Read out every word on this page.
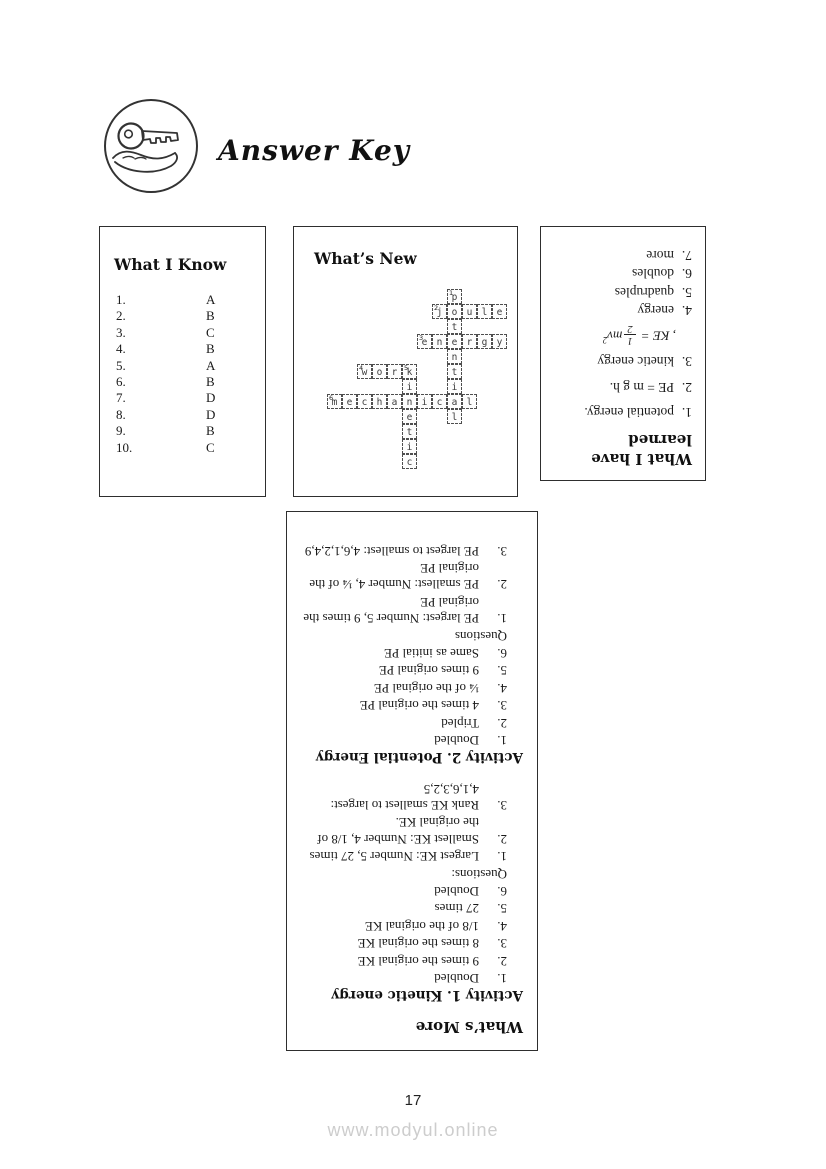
Answer Key
What I Know
1.	A
2.	B
3.	C
4.	B
5.	A
6.	B
7.	D
8.	D
9.	B
10.	C
What’s New
1
p
o
t
e
n
t
i
a
l
2
j	u l e
3
e n	r g y
4
w o r	5
k
i
n
e
t
i
c
6
m e c h a	i c	l
What I have
learned
1.potential energy.
2.PE = m g h.
3.kinetic energy
, KE =
1
2
$mv^2$
4.energy
5.quadruples
6.doubles
7.more
What’s More
Activity 1. Kinetic energy
1.
Doubled
2.
9 times the original KE
3.
8 times the original KE
4.
1/8 of the original KE
5.
27 times
6.
Doubled
Questions:
1.
Largest KE: Number 5, 27 times
2.
Smallest KE: Number 4, 1/8 of the original KE.
3.
Rank KE smallest to largest: 4,1,6,3,2,5
Activity 2. Potential Energy
1.
Doubled
2.
Tripled
3.
4 times the original PE
4.
¼ of the original PE
5.
9 times original PE
6.
Same as initial PE
Questions
1.
PE largest: Number 5, 9 times the original PE
2.
PE smallest: Number 4, ¼ of the original PE
3.
PE largest to smallest: 4,6,1,2,4,9
17
www.modyul.online
